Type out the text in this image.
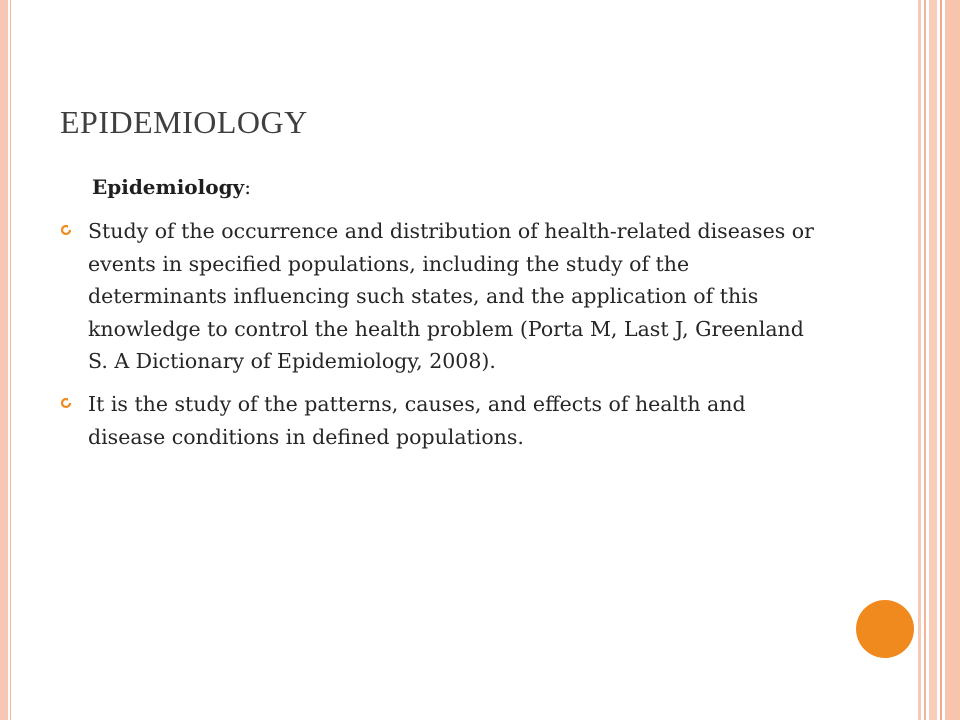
EPIDEMIOLOGY
Epidemiology:
Study of the occurrence and distribution of health-related diseases or events in specified populations, including the study of the determinants influencing such states, and the application of this knowledge to control the health problem (Porta M, Last J, Greenland S. A Dictionary of Epidemiology, 2008).
It is the study of the patterns, causes, and effects of health and disease conditions in defined populations.
